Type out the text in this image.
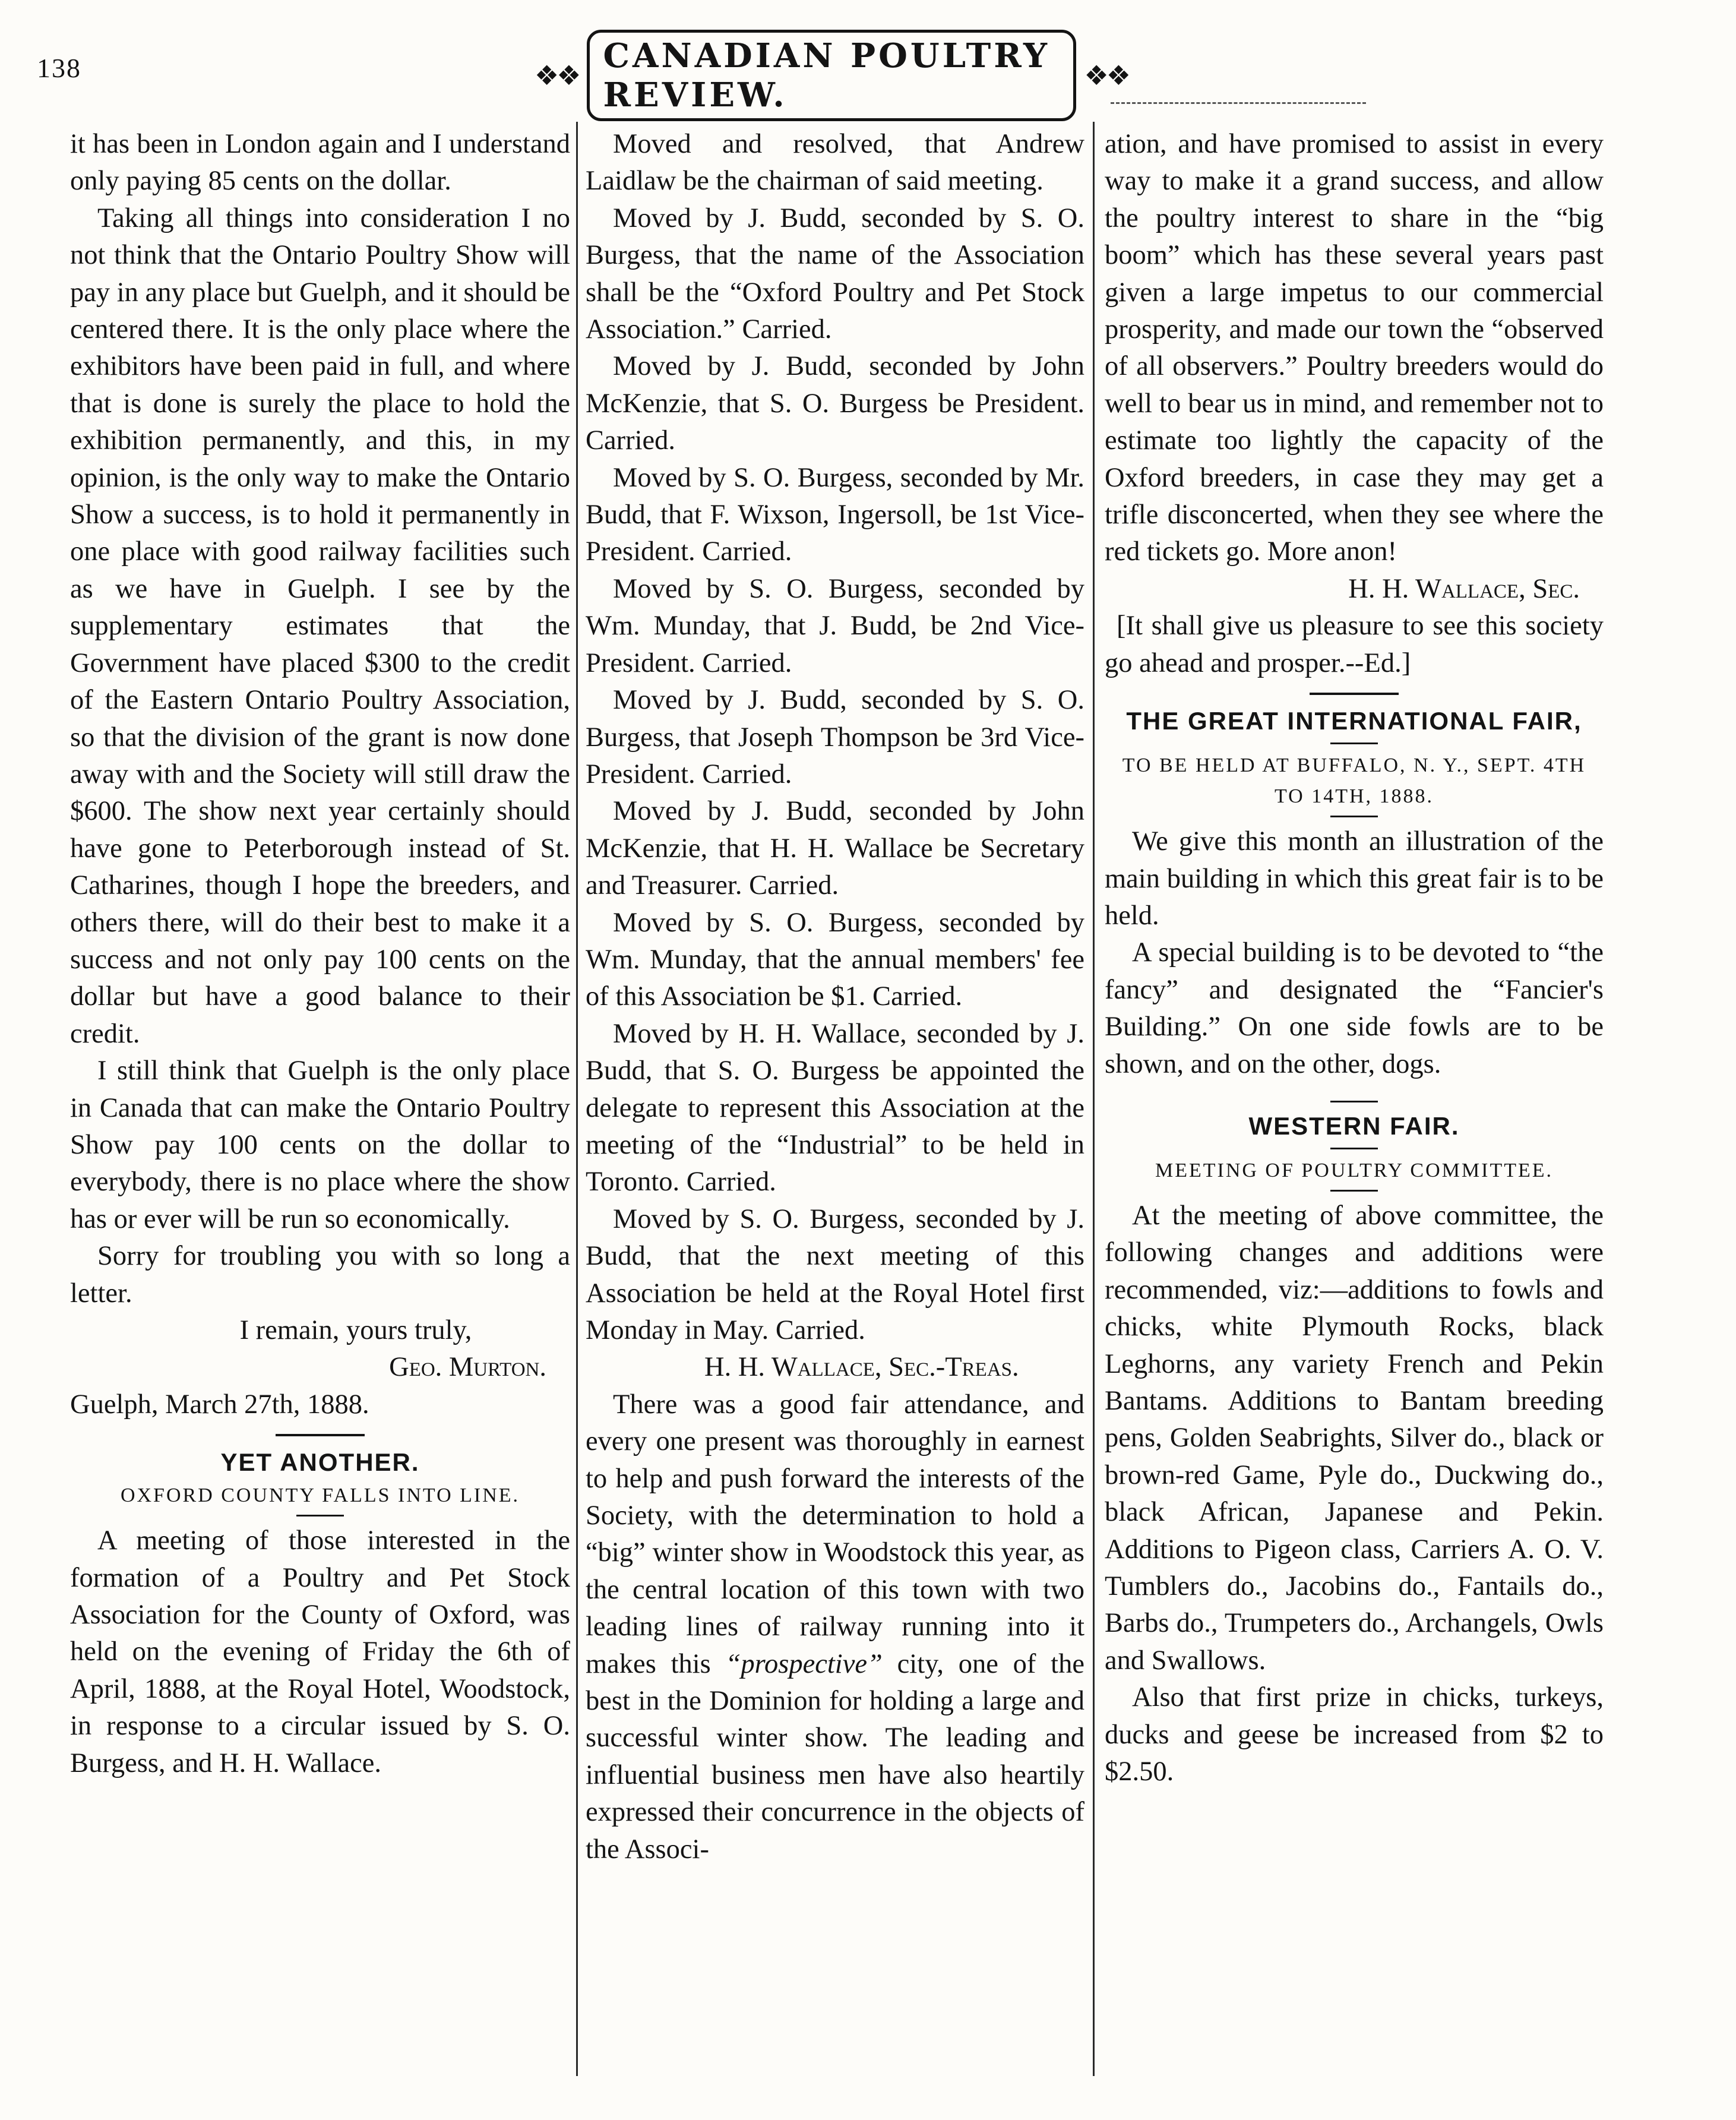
138	❖❖
CANADIAN POULTRY REVIEW.	❖❖

it has been in London again and I understand only paying 85 cents on the dollar.

Taking all things into consideration I no not think that the Ontario Poultry Show will pay in any place but Guelph, and it should be centered there. It is the only place where the exhibitors have been paid in full, and where that is done is surely the place to hold the exhibition permanently, and this, in my opinion, is the only way to make the Ontario Show a success, is to hold it permanently in one place with good railway facilities such as we have in Guelph. I see by the supplementary estimates that the Government have placed $300 to the credit of the Eastern Ontario Poultry Association, so that the division of the grant is now done away with and the Society will still draw the $600. The show next year certainly should have gone to Peterborough instead of St. Catharines, though I hope the breeders, and others there, will do their best to make it a success and not only pay 100 cents on the dollar but have a good balance to their credit.

I still think that Guelph is the only place in Canada that can make the Ontario Poultry Show pay 100 cents on the dollar to everybody, there is no place where the show has or ever will be run so economically.

Sorry for troubling you with so long a letter.

I remain, yours truly,

Geo. Murton.

Guelph, March 27th, 1888.

YET ANOTHER.

OXFORD COUNTY FALLS INTO LINE.

A meeting of those interested in the formation of a Poultry and Pet Stock Association for the County of Oxford, was held on the evening of Friday the 6th of April, 1888, at the Royal Hotel, Woodstock, in response to a circular issued by S. O. Burgess, and H. H. Wallace.

Moved and resolved, that Andrew Laidlaw be the chairman of said meeting.

Moved by J. Budd, seconded by S. O. Burgess, that the name of the Association shall be the “Oxford Poultry and Pet Stock Association.” Carried.

Moved by J. Budd, seconded by John McKenzie, that S. O. Burgess be President. Carried.

Moved by S. O. Burgess, seconded by Mr. Budd, that F. Wixson, Ingersoll, be 1st Vice-President. Carried.

Moved by S. O. Burgess, seconded by Wm. Munday, that J. Budd, be 2nd Vice-President. Carried.

Moved by J. Budd, seconded by S. O. Burgess, that Joseph Thompson be 3rd Vice-President. Carried.

Moved by J. Budd, seconded by John McKenzie, that H. H. Wallace be Secretary and Treasurer. Carried.

Moved by S. O. Burgess, seconded by Wm. Munday, that the annual members' fee of this Association be $1. Carried.

Moved by H. H. Wallace, seconded by J. Budd, that S. O. Burgess be appointed the delegate to represent this Association at the meeting of the “Industrial” to be held in Toronto. Carried.

Moved by S. O. Burgess, seconded by J. Budd, that the next meeting of this Association be held at the Royal Hotel first Monday in May. Carried.

H. H. Wallace, Sec.-Treas.

There was a good fair attendance, and every one present was thoroughly in earnest to help and push forward the interests of the Society, with the determination to hold a “big” winter show in Woodstock this year, as the central location of this town with two leading lines of railway running into it makes this “prospective” city, one of the best in the Dominion for holding a large and successful winter show. The leading and influential business men have also heartily expressed their concurrence in the objects of the Associ-

ation, and have promised to assist in every way to make it a grand success, and allow the poultry interest to share in the “big boom” which has these several years past given a large impetus to our commercial prosperity, and made our town the “observed of all observers.” Poultry breeders would do well to bear us in mind, and remember not to estimate too lightly the capacity of the Oxford breeders, in case they may get a trifle disconcerted, when they see where the red tickets go. More anon!

H. H. Wallace, Sec.

[It shall give us pleasure to see this society go ahead and prosper.--Ed.]

THE GREAT INTERNATIONAL FAIR,

TO BE HELD AT BUFFALO, N. Y., SEPT. 4TH TO 14TH, 1888.

We give this month an illustration of the main building in which this great fair is to be held.

A special building is to be devoted to “the fancy” and designated the “Fancier's Building.” On one side fowls are to be shown, and on the other, dogs.

WESTERN FAIR.

MEETING OF POULTRY COMMITTEE.

At the meeting of above committee, the following changes and additions were recommended, viz:—additions to fowls and chicks, white Plymouth Rocks, black Leghorns, any variety French and Pekin Bantams. Additions to Bantam breeding pens, Golden Seabrights, Silver do., black or brown-red Game, Pyle do., Duckwing do., black African, Japanese and Pekin. Additions to Pigeon class, Carriers A. O. V. Tumblers do., Jacobins do., Fantails do., Barbs do., Trumpeters do., Archangels, Owls and Swallows.

Also that first prize in chicks, turkeys, ducks and geese be increased from $2 to $2.50.
